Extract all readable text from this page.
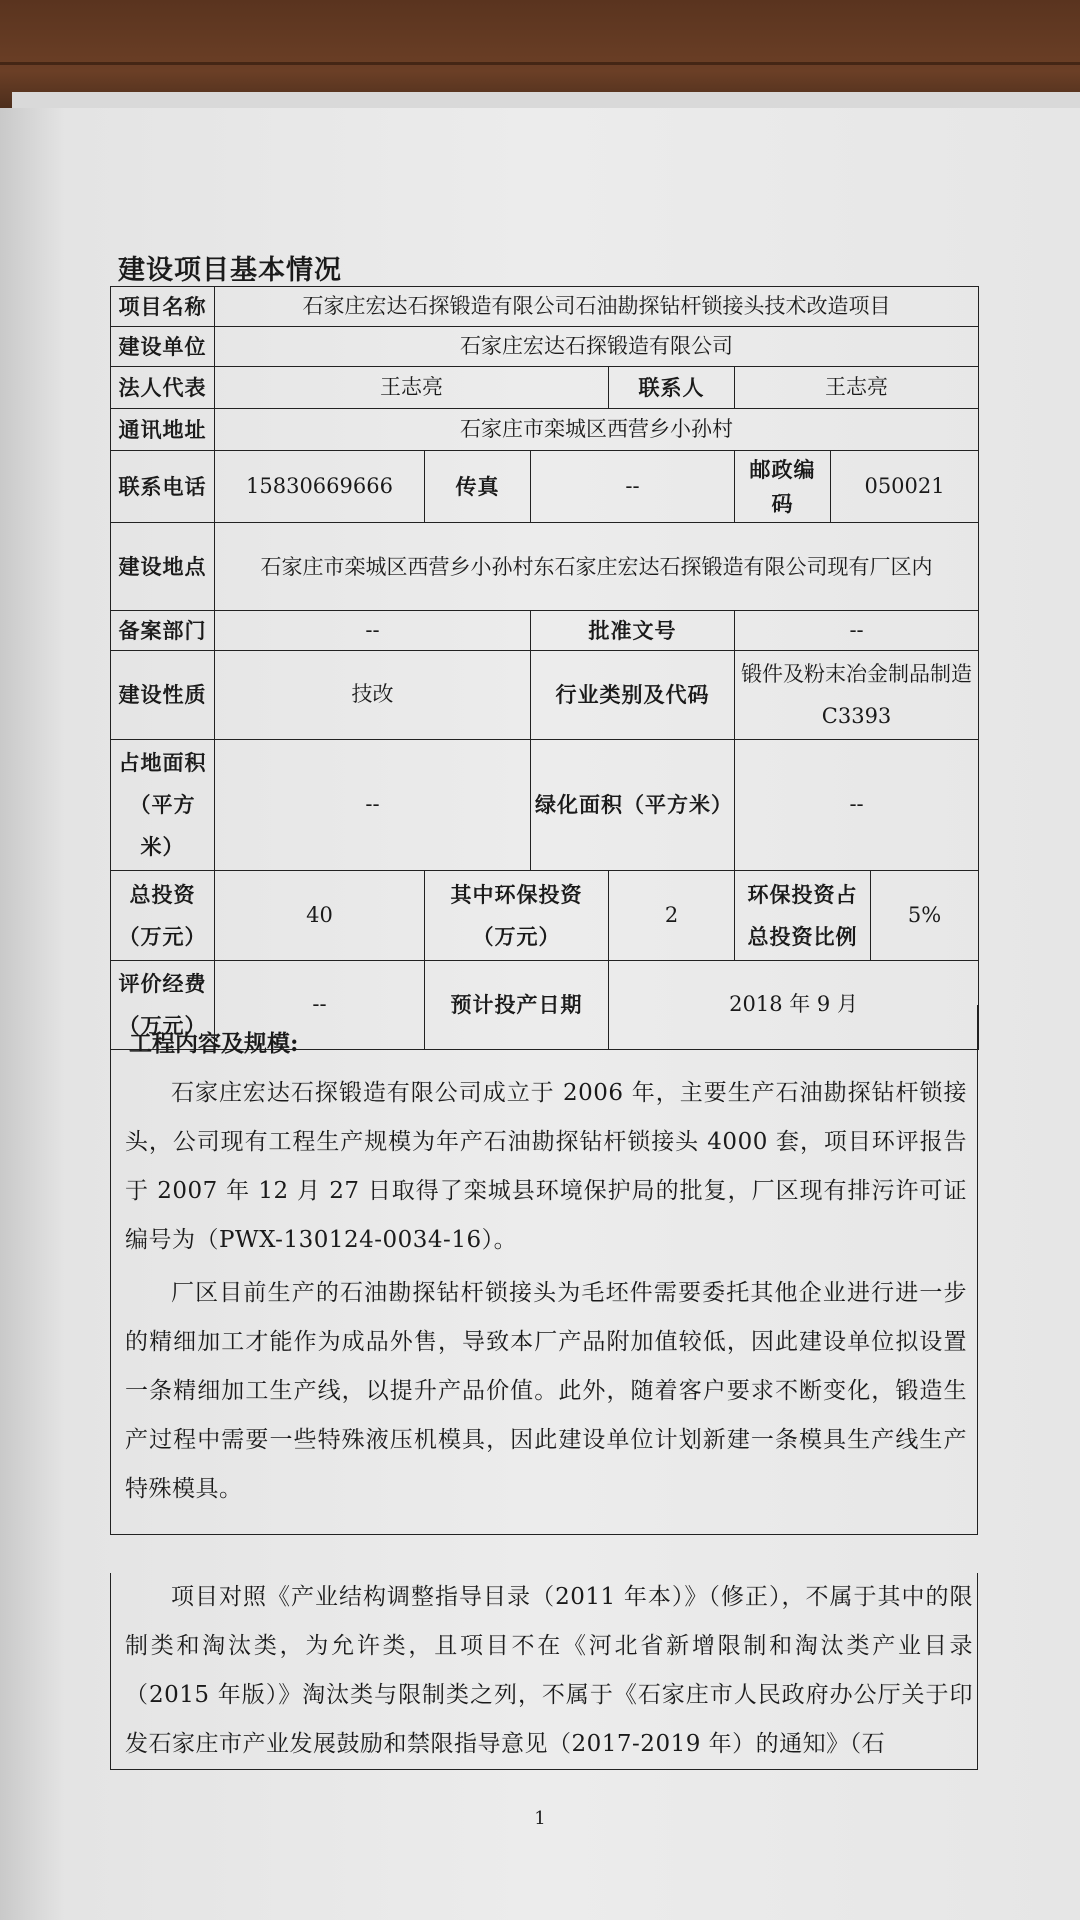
建设项目基本情况
项目名称	石家庄宏达石探锻造有限公司石油勘探钻杆锁接头技术改造项目						
建设单位	石家庄宏达石探锻造有限公司						
法人代表	王志亮			联系人	王志亮		
通讯地址	石家庄市栾城区西营乡小孙村						
联系电话	15830669666	传真	--		邮政编码	050021	
建设地点	石家庄市栾城区西营乡小孙村东石家庄宏达石探锻造有限公司现有厂区内						
备案部门	--		批准文号		--		
建设性质	技改		行业类别及代码		锻件及粉末冶金制品制造 C3393		
占地面积（平方米）	--		绿化面积（平方米）		--		
总投资（万元）	40	其中环保投资（万元）		2	环保投资占总投资比例		5%
评价经费（万元）	--	预计投产日期		2018 年 9 月			
工程内容及规模:
石家庄宏达石探锻造有限公司成立于 2006 年，主要生产石油勘探钻杆锁接头，公司现有工程生产规模为年产石油勘探钻杆锁接头 4000 套，项目环评报告于 2007 年 12 月 27 日取得了栾城县环境保护局的批复，厂区现有排污许可证编号为（PWX-130124-0034-16）。
厂区目前生产的石油勘探钻杆锁接头为毛坯件需要委托其他企业进行进一步的精细加工才能作为成品外售，导致本厂产品附加值较低，因此建设单位拟设置一条精细加工生产线，以提升产品价值。此外，随着客户要求不断变化，锻造生产过程中需要一些特殊液压机模具，因此建设单位计划新建一条模具生产线生产特殊模具。
项目对照《产业结构调整指导目录（2011 年本）》（修正），不属于其中的限制类和淘汰类，为允许类，且项目不在《河北省新增限制和淘汰类产业目录（2015 年版）》淘汰类与限制类之列，不属于《石家庄市人民政府办公厅关于印发石家庄市产业发展鼓励和禁限指导意见（2017-2019 年）的通知》（石
1
